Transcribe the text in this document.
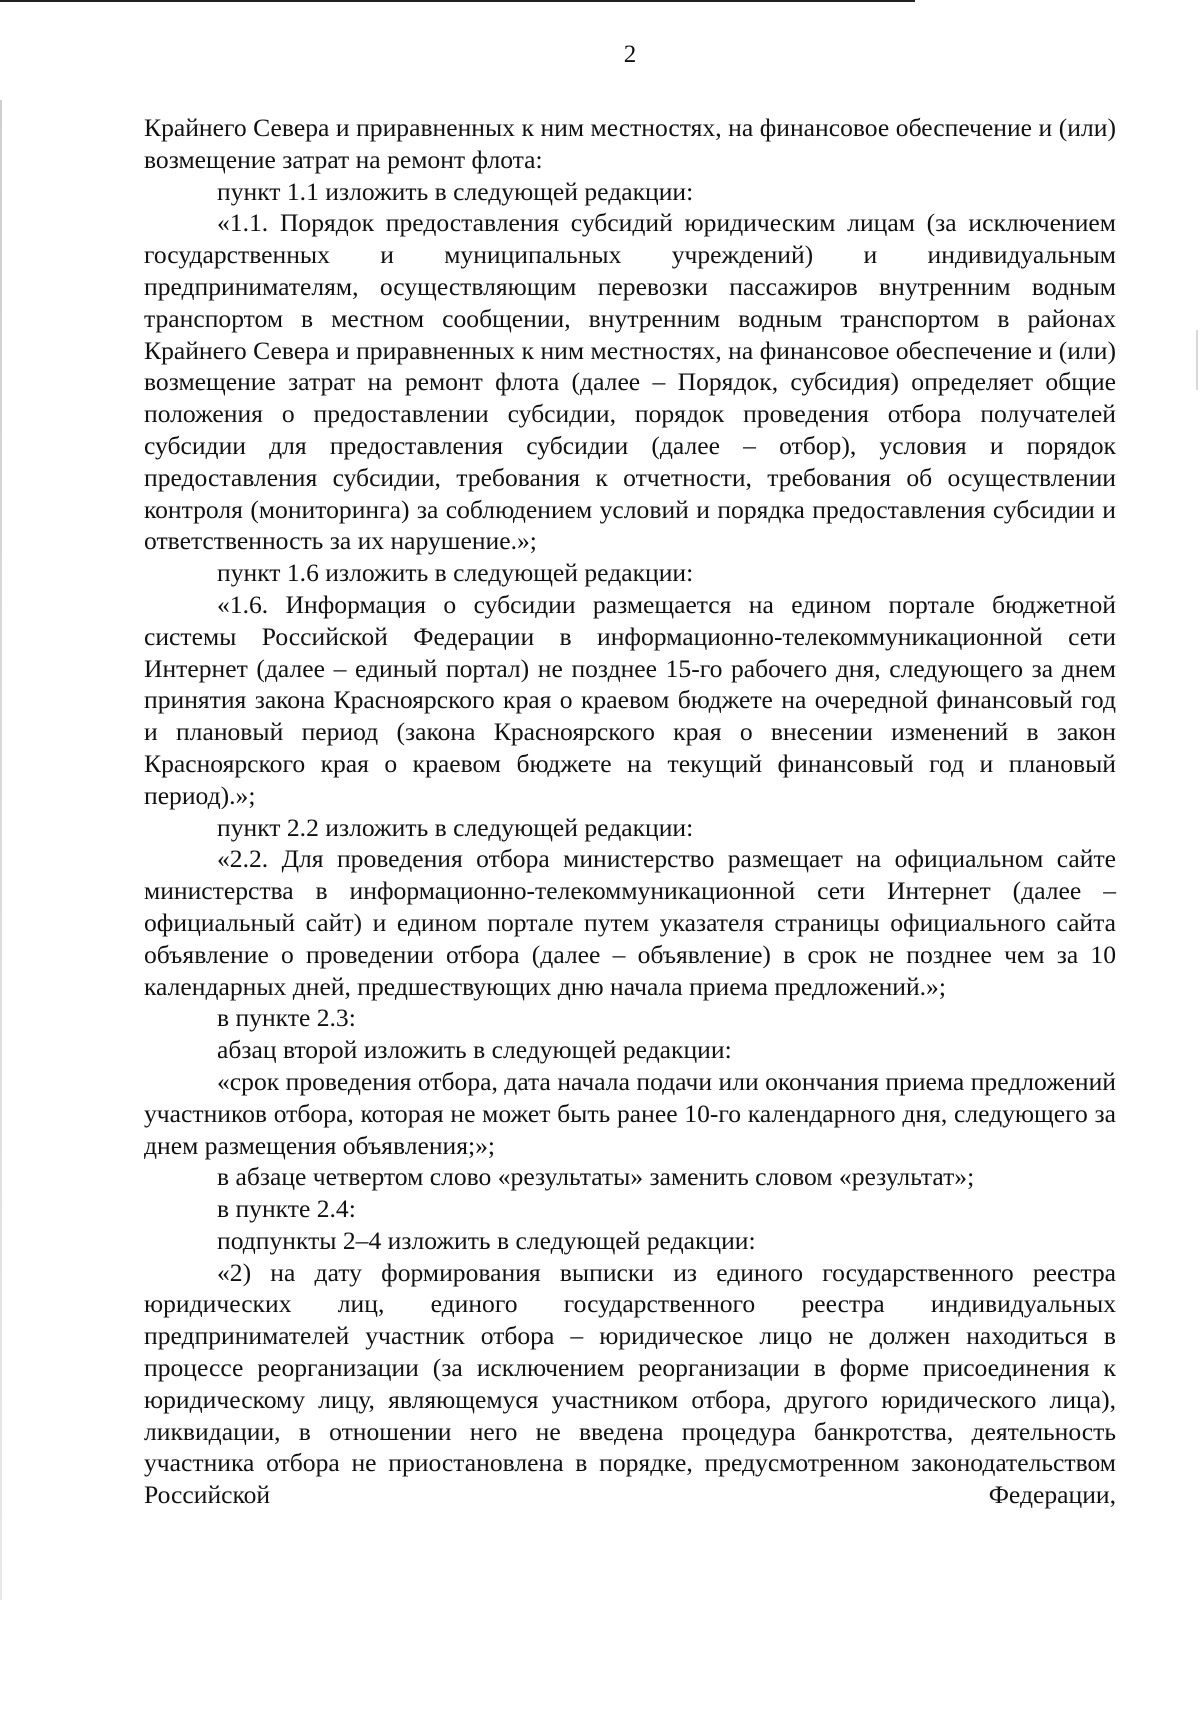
2

Крайнего Севера и приравненных к ним местностях, на финансовое обеспечение и (или) возмещение затрат на ремонт флота:

пункт 1.1 изложить в следующей редакции:

«1.1. Порядок предоставления субсидий юридическим лицам (за исключением государственных и муниципальных учреждений) и индивидуальным предпринимателям, осуществляющим перевозки пассажиров внутренним водным транспортом в местном сообщении, внутренним водным транспортом в районах Крайнего Севера и приравненных к ним местностях, на финансовое обеспечение и (или) возмещение затрат на ремонт флота (далее – Порядок, субсидия) определяет общие положения о предоставлении субсидии, порядок проведения отбора получателей субсидии для предоставления субсидии (далее – отбор), условия и порядок предоставления субсидии, требования к отчетности, требования об осуществлении контроля (мониторинга) за соблюдением условий и порядка предоставления субсидии и ответственность за их нарушение.»;

пункт 1.6 изложить в следующей редакции:

«1.6. Информация о субсидии размещается на едином портале бюджетной системы Российской Федерации в информационно-телекоммуникационной сети Интернет (далее – единый портал) не позднее 15-го рабочего дня, следующего за днем принятия закона Красноярского края о краевом бюджете на очередной финансовый год и плановый период (закона Красноярского края о внесении изменений в закон Красноярского края о краевом бюджете на текущий финансовый год и плановый период).»;

пункт 2.2 изложить в следующей редакции:

«2.2. Для проведения отбора министерство размещает на официальном сайте министерства в информационно-телекоммуникационной сети Интернет (далее – официальный сайт) и едином портале путем указателя страницы официального сайта объявление о проведении отбора (далее – объявление) в срок не позднее чем за 10 календарных дней, предшествующих дню начала приема предложений.»;

в пункте 2.3:

абзац второй изложить в следующей редакции:

«срок проведения отбора, дата начала подачи или окончания приема предложений участников отбора, которая не может быть ранее 10-го календарного дня, следующего за днем размещения объявления;»;

в абзаце четвертом слово «результаты» заменить словом «результат»;

в пункте 2.4:

подпункты 2–4 изложить в следующей редакции:

«2) на дату формирования выписки из единого государственного реестра юридических лиц, единого государственного реестра индивидуальных предпринимателей участник отбора – юридическое лицо не должен находиться в процессе реорганизации (за исключением реорганизации в форме присоединения к юридическому лицу, являющемуся участником отбора, другого юридического лица), ликвидации, в отношении него не введена процедура банкротства, деятельность участника отбора не приостановлена в порядке, предусмотренном законодательством Российской Федерации,
